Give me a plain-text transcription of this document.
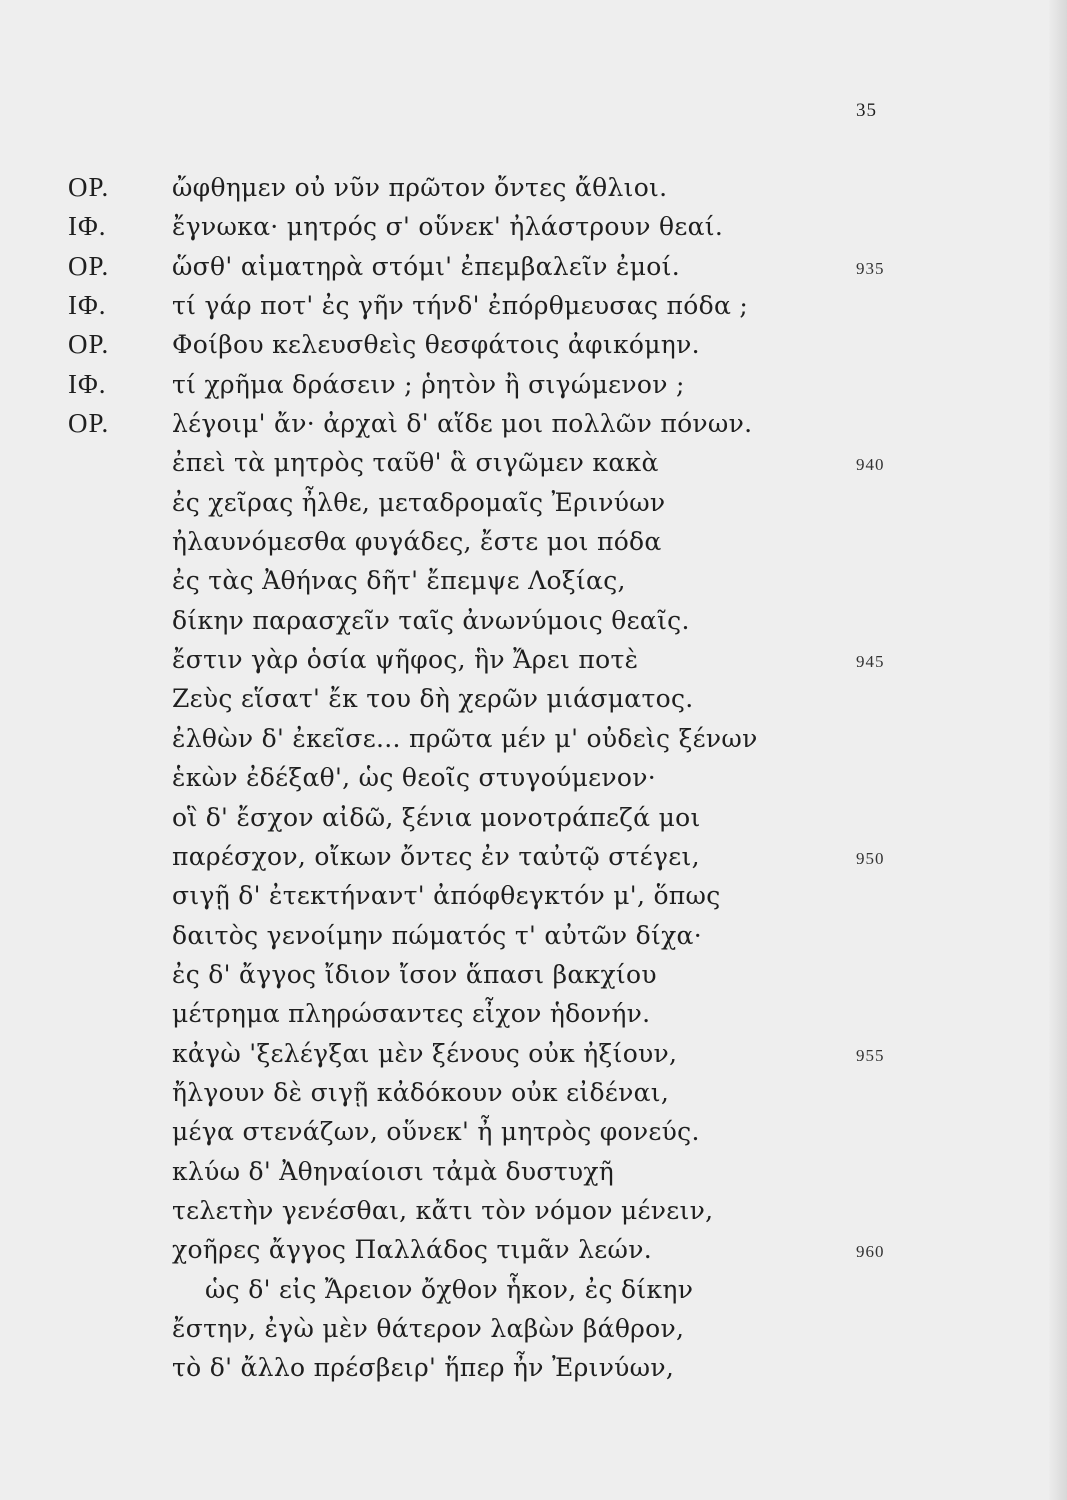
35
ΟΡ.	ὤφθημεν οὐ νῦν πρῶτον ὄντες ἄθλιοι.
ΙΦ.	ἔγνωκα· μητρός σ' οὕνεκ' ἠλάστρουν θεαί.
ΟΡ.	ὥσθ' αἱματηρὰ στόμι' ἐπεμβαλεῖν ἐμοί.	935
ΙΦ.	τί γάρ ποτ' ἐς γῆν τήνδ' ἐπόρθμευσας πόδα ;
ΟΡ.	Φοίβου κελευσθεὶς θεσφάτοις ἀφικόμην.
ΙΦ.	τί χρῆμα δράσειν ; ῥητὸν ἢ σιγώμενον ;
ΟΡ.	λέγοιμ' ἄν· ἀρχαὶ δ' αἵδε μοι πολλῶν πόνων.
ἐπεὶ τὰ μητρὸς ταῦθ' ἃ σιγῶμεν κακὰ	940
ἐς χεῖρας ἦλθε, μεταδρομαῖς Ἐρινύων
ἠλαυνόμεσθα φυγάδες, ἔστε μοι πόδα
ἐς τὰς Ἀθήνας δῆτ' ἔπεμψε Λοξίας,
δίκην παρασχεῖν ταῖς ἀνωνύμοις θεαῖς.
ἔστιν γὰρ ὁσία ψῆφος, ἣν Ἄρει ποτὲ	945
Ζεὺς εἵσατ' ἔκ του δὴ χερῶν μιάσματος.
ἐλθὼν δ' ἐκεῖσε... πρῶτα μέν μ' οὐδεὶς ξένων
ἑκὼν ἐδέξαθ', ὡς θεοῖς στυγούμενον·
οἳ δ' ἔσχον αἰδῶ, ξένια μονοτράπεζά μοι
παρέσχον, οἴκων ὄντες ἐν ταὐτῷ στέγει,	950
σιγῇ δ' ἐτεκτήναντ' ἀπόφθεγκτόν μ', ὅπως
δαιτὸς γενοίμην πώματός τ' αὐτῶν δίχα·
ἐς δ' ἄγγος ἴδιον ἴσον ἅπασι βακχίου
μέτρημα πληρώσαντες εἶχον ἡδονήν.
κἀγὼ 'ξελέγξαι μὲν ξένους οὐκ ἠξίουν,	955
ἤλγουν δὲ σιγῇ κἀδόκουν οὐκ εἰδέναι,
μέγα στενάζων, οὕνεκ' ἦ μητρὸς φονεύς.
κλύω δ' Ἀθηναίοισι τἀμὰ δυστυχῆ
τελετὴν γενέσθαι, κἄτι τὸν νόμον μένειν,
χοῆρες ἄγγος Παλλάδος τιμᾶν λεών.	960
ὡς δ' εἰς Ἄρειον ὄχθον ἧκον, ἐς δίκην
ἔστην, ἐγὼ μὲν θάτερον λαβὼν βάθρον,
τὸ δ' ἄλλο πρέσβειρ' ἥπερ ἦν Ἐρινύων,
